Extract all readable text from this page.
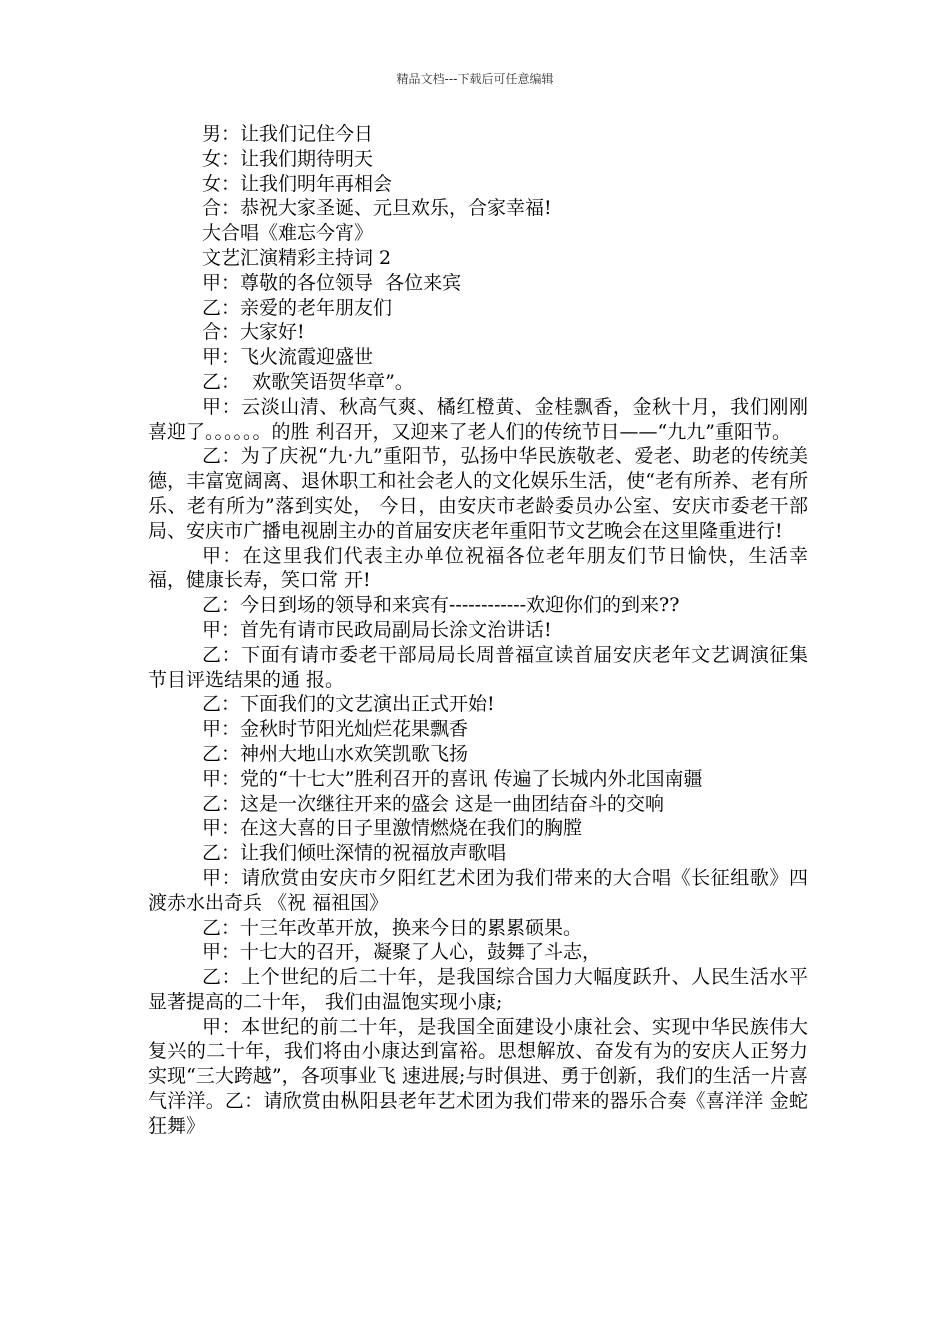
精品文档---下载后可任意编辑
男：让我们记住今日
女：让我们期待明天
女：让我们明年再相会
合：恭祝大家圣诞、元旦欢乐，合家幸福!
大合唱《难忘今宵》
文艺汇演精彩主持词 2
甲：尊敬的各位领导  各位来宾
乙：亲爱的老年朋友们
合：大家好!
甲：飞火流霞迎盛世
乙：  欢歌笑语贺华章”。

甲：云淡山清、秋高气爽、橘红橙黄、金桂飘香，金秋十月，我们刚刚喜迎了。。。。。。的胜 利召开，又迎来了老人们的传统节日——“九九”重阳节。

乙：为了庆祝“九·九”重阳节，弘扬中华民族敬老、爱老、助老的传统美德，丰富宽阔离、退休职工和社会老人的文化娱乐生活，使“老有所养、老有所乐、老有所为”落到实处， 今日，由安庆市老龄委员办公室、安庆市委老干部局、安庆市广播电视剧主办的首届安庆老年重阳节文艺晚会在这里隆重进行!

甲：在这里我们代表主办单位祝福各位老年朋友们节日愉快，生活幸福，健康长寿，笑口常 开!

乙：今日到场的领导和来宾有------------欢迎你们的到来??

甲：首先有请市民政局副局长涂文治讲话!

乙：下面有请市委老干部局局长周普福宣读首届安庆老年文艺调演征集节目评选结果的通 报。

乙：下面我们的文艺演出正式开始!

甲：金秋时节阳光灿烂花果飘香

乙：神州大地山水欢笑凯歌飞扬

甲：党的“十七大”胜利召开的喜讯 传遍了长城内外北国南疆

乙：这是一次继往开来的盛会 这是一曲团结奋斗的交响

甲：在这大喜的日子里激情燃烧在我们的胸膛

乙：让我们倾吐深情的祝福放声歌唱

甲：请欣赏由安庆市夕阳红艺术团为我们带来的大合唱《长征组歌》四渡赤水出奇兵 《祝 福祖国》

乙：十三年改革开放，换来今日的累累硕果。

甲：十七大的召开，凝聚了人心，鼓舞了斗志，

乙：上个世纪的后二十年，是我国综合国力大幅度跃升、人民生活水平显著提高的二十年， 我们由温饱实现小康;

甲：本世纪的前二十年，是我国全面建设小康社会、实现中华民族伟大复兴的二十年，我们将由小康达到富裕。思想解放、奋发有为的安庆人正努力实现“三大跨越”，各项事业飞 速进展;与时俱进、勇于创新，我们的生活一片喜气洋洋。乙：请欣赏由枞阳县老年艺术团为我们带来的器乐合奏《喜洋洋 金蛇狂舞》
